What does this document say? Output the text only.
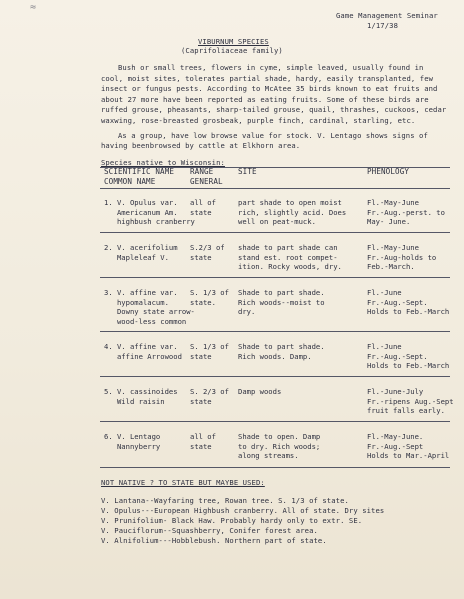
≈
Game Management Seminar
1/17/38
VIBURNUM SPECIES
(Caprifoliaceae family)
Bush or small trees, flowers in cyme, simple leaved, usually found in
cool, moist sites, tolerates partial shade, hardy, easily transplanted, few
insect or fungus pests. According to McAtee 35 birds known to eat fruits and
about 27 more have been reported as eating fruits. Some of these birds are
ruffed grouse, pheasants, sharp-tailed grouse, quail, thrashes, cuckoos, cedar
waxwing, rose-breasted grosbeak, purple finch, cardinal, starling, etc.
As a group, have low browse value for stock. V. Lentago shows signs of
having beenbrowsed by cattle at Elkhorn area.
Species native to Wisconsin:
SCIENTIFIC NAME
COMMON NAME
RANGE
GENERAL
SITE	PHENOLOGY
1. V. Opulus var.
Americanum Am.
highbush cranberry
all of
state
part shade to open moist
rich, slightly acid. Does
well on peat-muck.
Fl.-May-June
Fr.-Aug.-perst. to
May- June.
2. V. acerifolium
Mapleleaf V.
S.2/3 of
state
shade to part shade can
stand est. root compet-
ition. Rocky woods, dry.
Fl.-May-June
Fr.-Aug-holds to
Feb.-March.
3. V. affine var.
hypomalacum.
Downy state arrow-
wood-less common
S. 1/3 of
state.
Shade to part shade.
Rich woods--moist to
dry.
Fl.-June
Fr.-Aug.-Sept.
Holds to Feb.-March
4. V. affine var.
affine Arrowood
S. 1/3 of
state
Shade to part shade.
Rich woods. Damp.
Fl.-June
Fr.-Aug.-Sept.
Holds to Feb.-March
5. V. cassinoides
Wild raisin
S. 2/3 of
state
Damp woods	Fl.-June-July
Fr.-ripens Aug.-Sept
fruit falls early.
6. V. Lentago
Nannyberry
all of
state
Shade to open. Damp
to dry. Rich woods;
along streams.
Fl.-May-June.
Fr.-Aug.-Sept
Holds to Mar.-April
NOT NATIVE ? TO STATE BUT MAYBE USED:
V. Lantana--Wayfaring tree, Rowan tree. S. 1/3 of state.
V. Opulus---European Highbush cranberry. All of state. Dry sites
V. Prunifolium- Black Haw. Probably hardy only to extr. SE.
V. Pauciflorum--Squashberry, Conifer forest area.
V. Alnifolium---Hobblebush. Northern part of state.
